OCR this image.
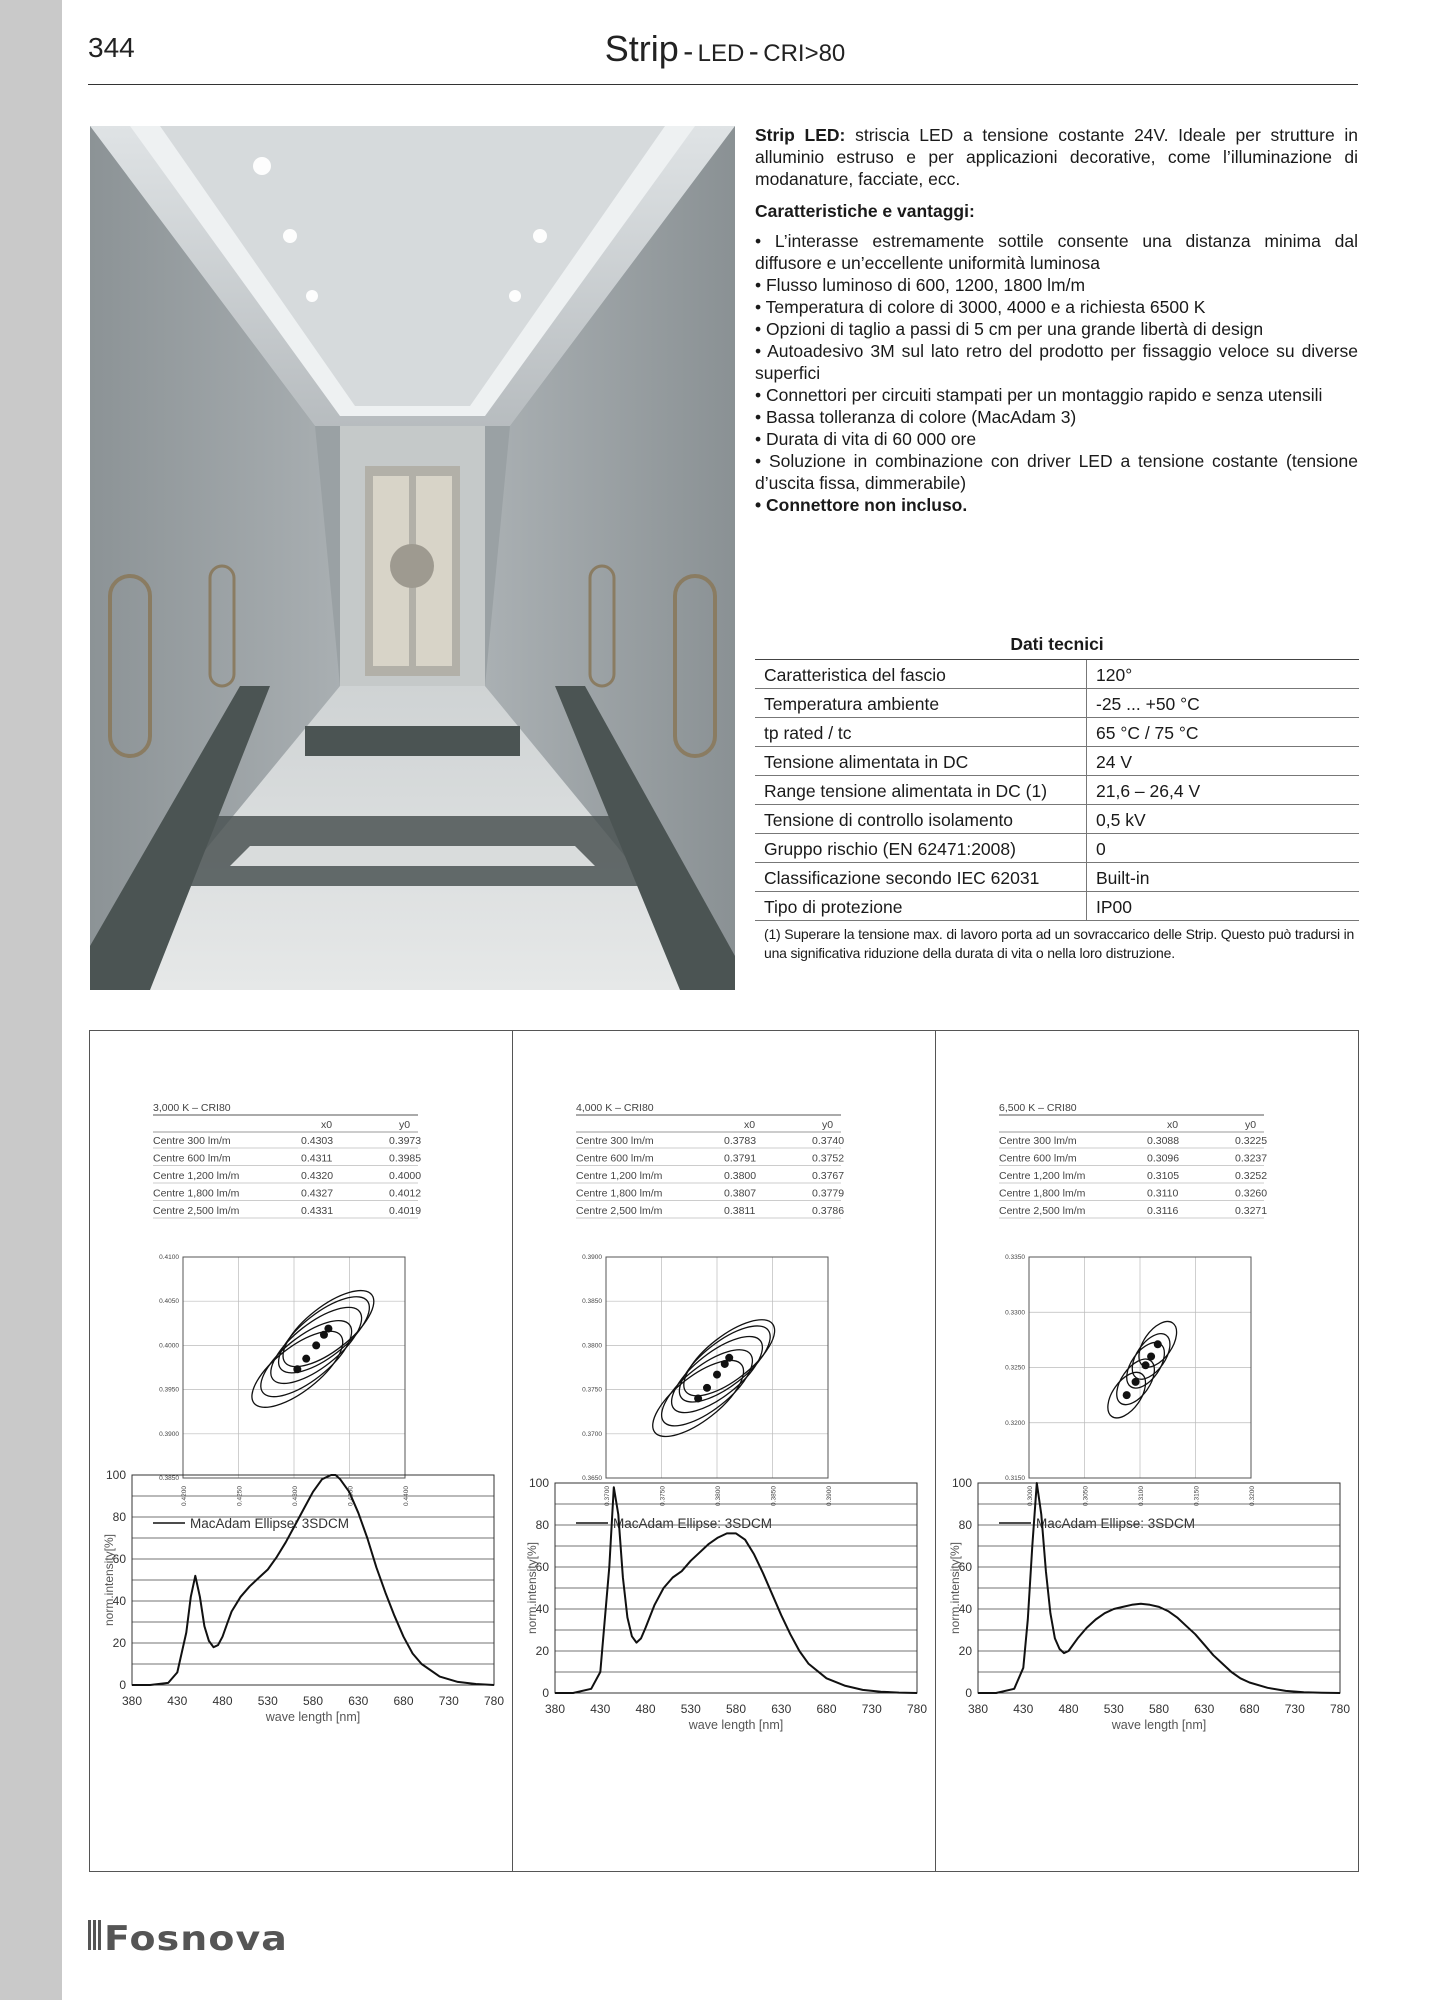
344	Strip - LED - CRI>80

Strip LED: striscia LED a tensione costante 24V. Ideale per strutture in alluminio estruso e per applicazioni decorative, come l’illuminazione di modanature, facciate, ecc.

Caratteristiche e vantaggi:
• L’interasse estremamente sottile consente una distanza minima dal diffusore e un’eccellente uniformità luminosa
• Flusso luminoso di 600, 1200, 1800 lm/m
• Temperatura di colore di 3000, 4000 e a richiesta 6500 K
• Opzioni di taglio a passi di 5 cm per una grande libertà di design
• Autoadesivo 3M sul lato retro del prodotto per fissaggio veloce su diverse superfici
• Connettori per circuiti stampati per un montaggio rapido e senza utensili
• Bassa tolleranza di colore (MacAdam 3)
• Durata di vita di 60 000 ore
• Soluzione in combinazione con driver LED a tensione costante (tensione d’uscita fissa, dimmerabile)
• Connettore non incluso.
Dati tecnici
Caratteristica del fascio	120°
Temperatura ambiente	-25 ... +50 °C
tp rated / tc	65 °C / 75 °C
Tensione alimentata in DC	24 V
Range tensione alimentata in DC (1)	21,6 – 26,4 V
Tensione di controllo isolamento	0,5 kV
Gruppo rischio (EN 62471:2008)	0
Classificazione secondo IEC 62031	Built-in
Tipo di protezione	IP00
(1) Superare la tensione max. di lavoro porta ad un sovraccarico delle Strip. Questo può tradursi in una significativa riduzione della durata di vita o nella loro distruzione.
3,000 K – CRI80
x0	y0
Centre 300 lm/m	0.4303	0.3973
Centre 600 lm/m	0.4311	0.3985
Centre 1,200 lm/m	0.4320	0.4000
Centre 1,800 lm/m	0.4327	0.4012
Centre 2,500 lm/m	0.4331	0.4019
0.4200	0.4250	0.4300	0.4350	0.4400
0.3850
0.3900
0.3950
0.4000
0.4050
0.4100
MacAdam Ellipse: 3SDCM
0
20
40
60
80
100
380 430 480 530 580 630 680 730 780
norm.intensity[%]
wave length [nm]
4,000 K – CRI80
x0	y0
Centre 300 lm/m	0.3783	0.3740
Centre 600 lm/m	0.3791	0.3752
Centre 1,200 lm/m	0.3800	0.3767
Centre 1,800 lm/m	0.3807	0.3779
Centre 2,500 lm/m	0.3811	0.3786
0.3700	0.3750	0.3800	0.3850	0.3900
0.3650
0.3700
0.3750
0.3800
0.3850
0.3900
MacAdam Ellipse: 3SDCM
0
20
40
60
80
100
380 430 480 530 580 630 680 730 780
norm.intensity[%]
wave length [nm]
6,500 K – CRI80
x0	y0
Centre 300 lm/m	0.3088	0.3225
Centre 600 lm/m	0.3096	0.3237
Centre 1,200 lm/m	0.3105	0.3252
Centre 1,800 lm/m	0.3110	0.3260
Centre 2,500 lm/m	0.3116	0.3271
0.3000	0.3050	0.3100	0.3150	0.3200
0.3150
0.3200
0.3250
0.3300
0.3350
MacAdam Ellipse: 3SDCM
0
20
40
60
80
100
380 430 480 530 580 630 680 730 780
norm.intensity[%]
wave length [nm]
Fosnova
